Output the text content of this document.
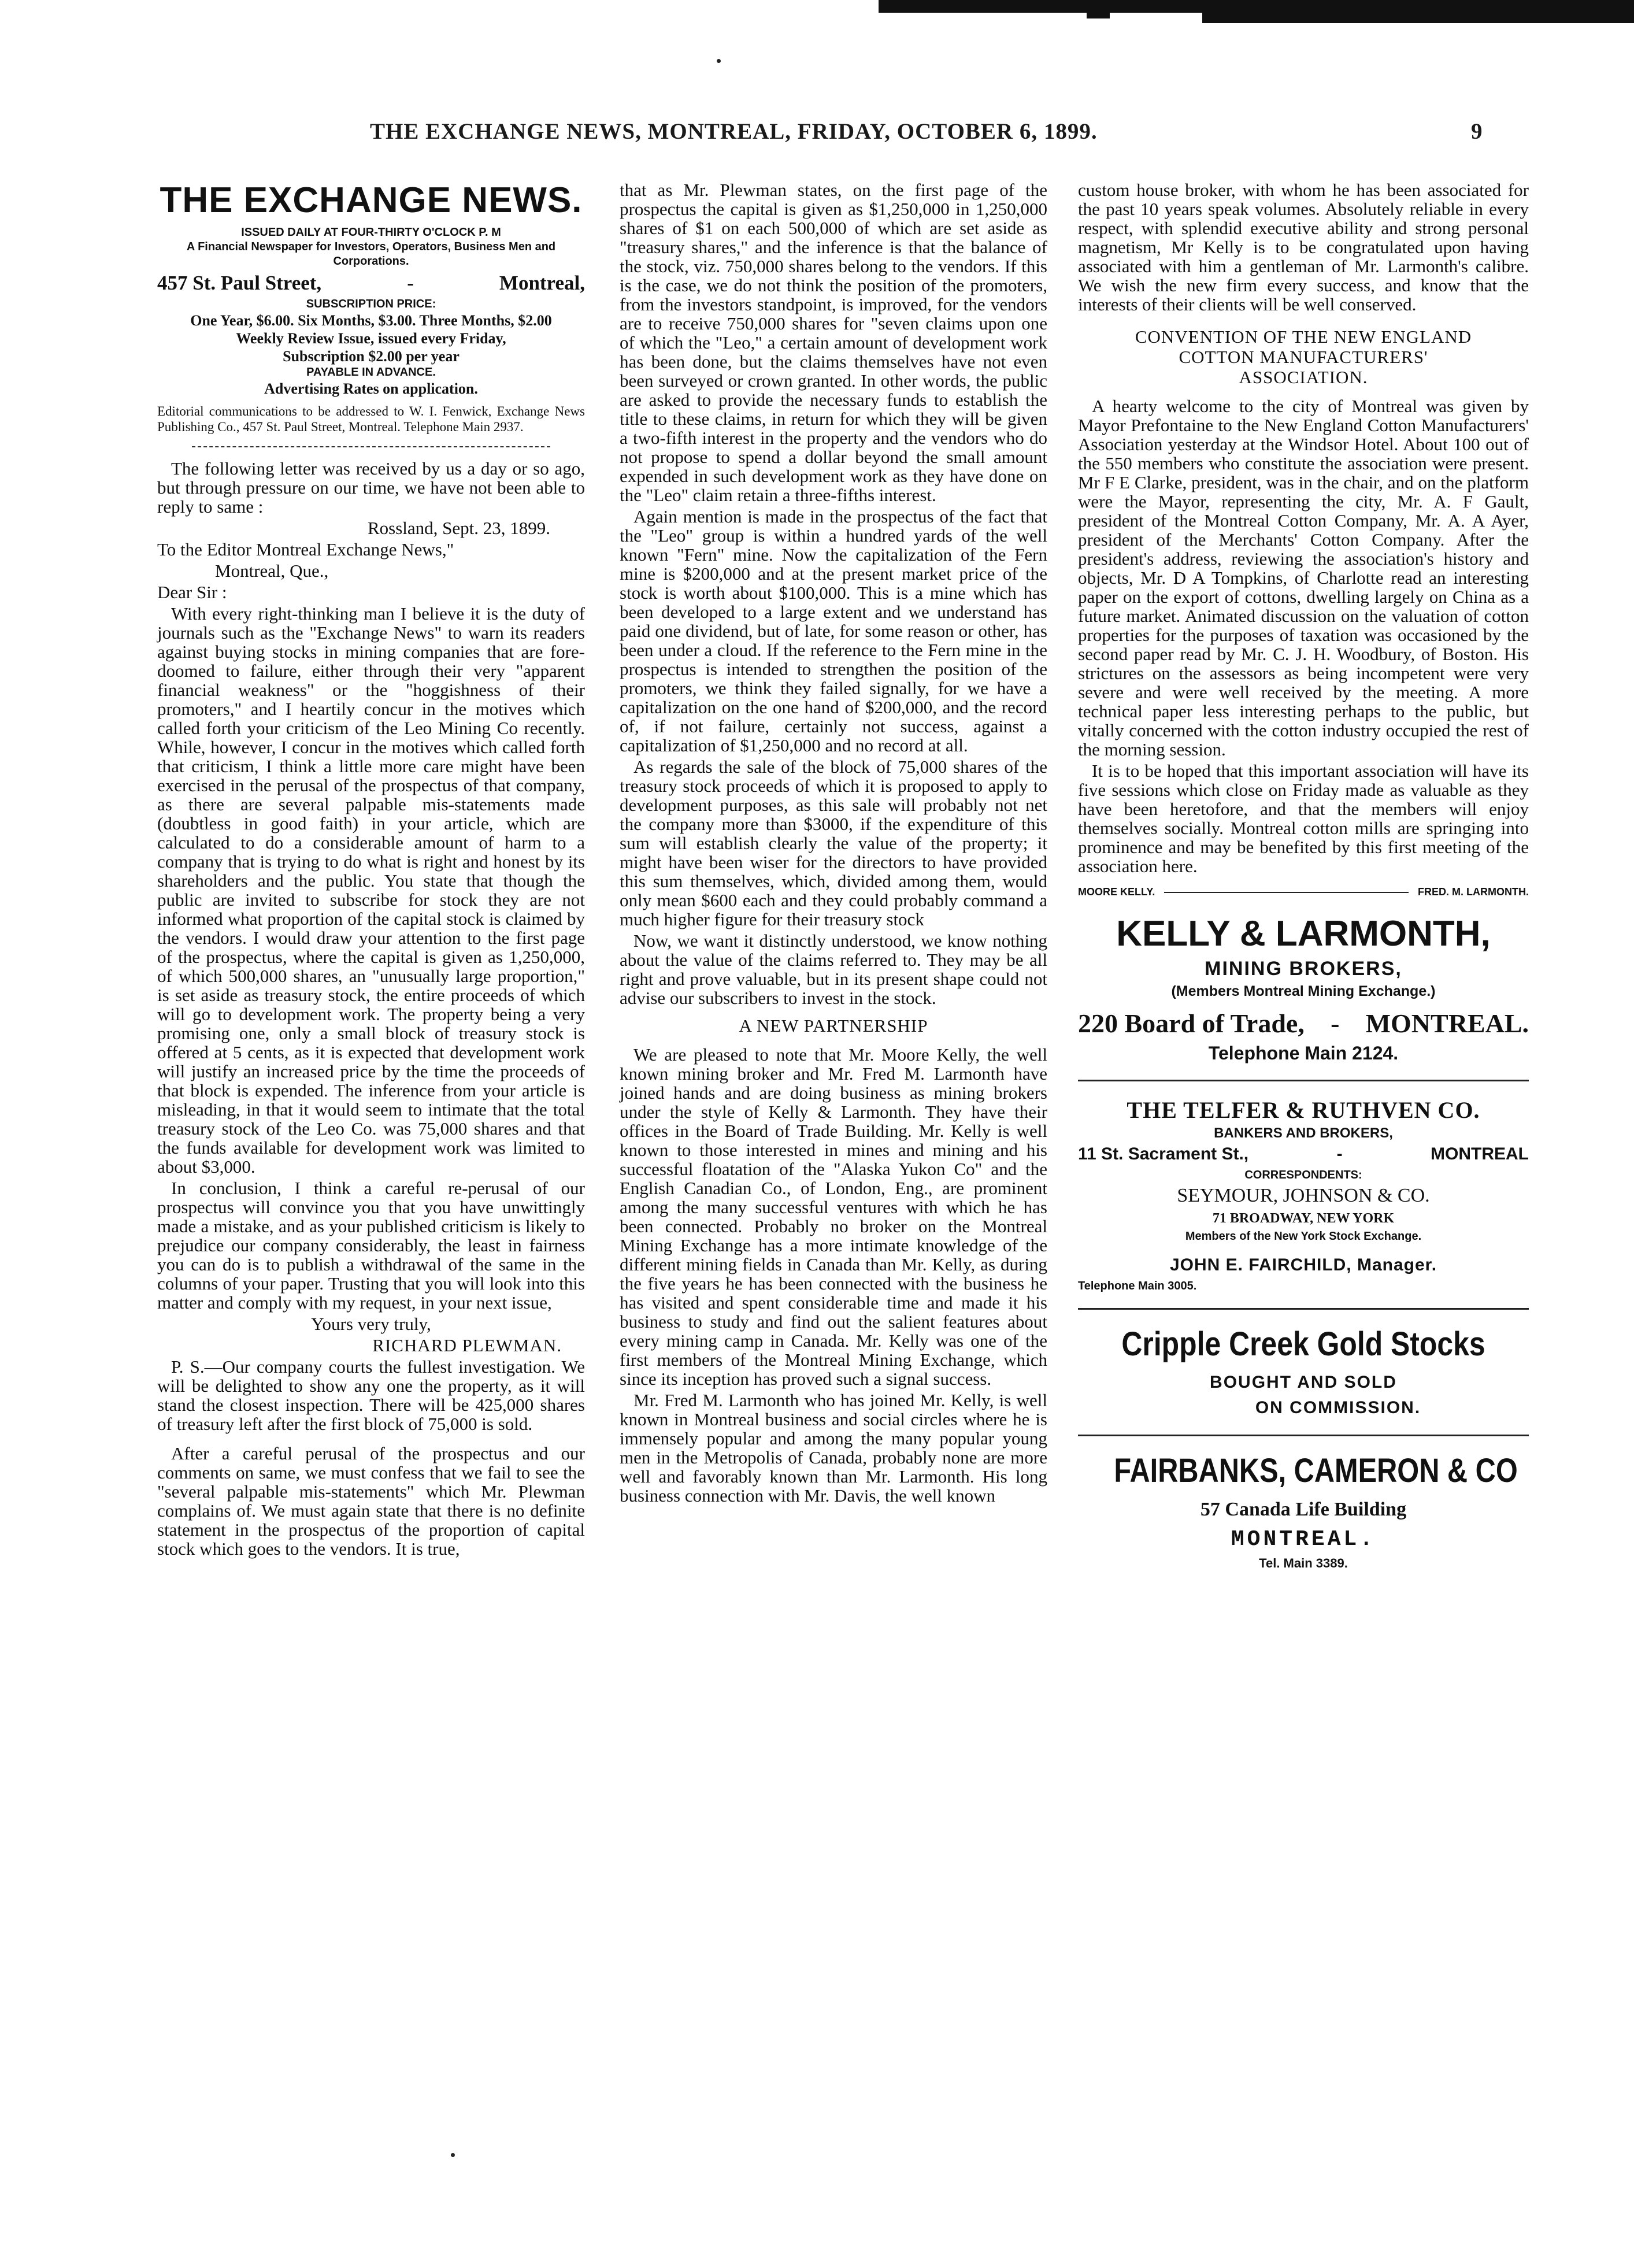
THE EXCHANGE NEWS, MONTREAL, FRIDAY, OCTOBER 6, 1899.	9
THE EXCHANGE NEWS.
ISSUED DAILY AT FOUR-THIRTY O'CLOCK P. M
A Financial Newspaper for Investors, Operators, Business Men and Corporations.
457 St. Paul Street,	-	Montreal,
SUBSCRIPTION PRICE:
One Year, $6.00. Six Months, $3.00. Three Months, $2.00
Weekly Review Issue, issued every Friday,
Subscription $2.00 per year
PAYABLE IN ADVANCE.
Advertising Rates on application.
Editorial communications to be addressed to W. I. Fenwick, Exchange News Publishing Co., 457 St. Paul Street, Montreal. Telephone Main 2937.

The following letter was received by us a day or so ago, but through pressure on our time, we have not been able to reply to same :

Rossland, Sept. 23, 1899.

To the Editor Montreal Exchange News,"

Montreal, Que.,

Dear Sir :

With every right-thinking man I believe it is the duty of journals such as the "Exchange News" to warn its readers against buying stocks in mining companies that are fore-doomed to failure, either through their very "apparent financial weakness" or the "hoggishness of their promoters," and I heartily concur in the motives which called forth your criticism of the Leo Mining Co recently. While, however, I concur in the motives which called forth that criticism, I think a little more care might have been exercised in the perusal of the prospectus of that company, as there are several palpable mis-statements made (doubtless in good faith) in your article, which are calculated to do a considerable amount of harm to a company that is trying to do what is right and honest by its shareholders and the public. You state that though the public are invited to subscribe for stock they are not informed what proportion of the capital stock is claimed by the vendors. I would draw your attention to the first page of the prospectus, where the capital is given as 1,250,000, of which 500,000 shares, an "unusually large proportion," is set aside as treasury stock, the entire proceeds of which will go to development work. The property being a very promising one, only a small block of treasury stock is offered at 5 cents, as it is expected that development work will justify an increased price by the time the proceeds of that block is expended. The inference from your article is misleading, in that it would seem to intimate that the total treasury stock of the Leo Co. was 75,000 shares and that the funds available for development work was limited to about $3,000.

In conclusion, I think a careful re-perusal of our prospectus will convince you that you have unwittingly made a mistake, and as your published criticism is likely to prejudice our company considerably, the least in fairness you can do is to publish a withdrawal of the same in the columns of your paper. Trusting that you will look into this matter and comply with my request, in your next issue,

Yours very truly,

RICHARD PLEWMAN.

P. S.—Our company courts the fullest investigation. We will be delighted to show any one the property, as it will stand the closest inspection. There will be 425,000 shares of treasury left after the first block of 75,000 is sold.

After a careful perusal of the prospectus and our comments on same, we must confess that we fail to see the "several palpable mis-statements" which Mr. Plewman complains of. We must again state that there is no definite statement in the prospectus of the proportion of capital stock which goes to the vendors. It is true,

that as Mr. Plewman states, on the first page of the prospectus the capital is given as $1,250,000 in 1,250,000 shares of $1 on each 500,000 of which are set aside as "treasury shares," and the inference is that the balance of the stock, viz. 750,000 shares belong to the vendors. If this is the case, we do not think the position of the promoters, from the investors standpoint, is improved, for the vendors are to receive 750,000 shares for "seven claims upon one of which the "Leo," a certain amount of development work has been done, but the claims themselves have not even been surveyed or crown granted. In other words, the public are asked to provide the necessary funds to establish the title to these claims, in return for which they will be given a two-fifth interest in the property and the vendors who do not propose to spend a dollar beyond the small amount expended in such development work as they have done on the "Leo" claim retain a three-fifths interest.

Again mention is made in the prospectus of the fact that the "Leo" group is within a hundred yards of the well known "Fern" mine. Now the capitalization of the Fern mine is $200,000 and at the present market price of the stock is worth about $100,000. This is a mine which has been developed to a large extent and we understand has paid one dividend, but of late, for some reason or other, has been under a cloud. If the reference to the Fern mine in the prospectus is intended to strengthen the position of the promoters, we think they failed signally, for we have a capitalization on the one hand of $200,000, and the record of, if not failure, certainly not success, against a capitalization of $1,250,000 and no record at all.

As regards the sale of the block of 75,000 shares of the treasury stock proceeds of which it is proposed to apply to development purposes, as this sale will probably not net the company more than $3000, if the expenditure of this sum will establish clearly the value of the property; it might have been wiser for the directors to have provided this sum themselves, which, divided among them, would only mean $600 each and they could probably command a much higher figure for their treasury stock

Now, we want it distinctly understood, we know nothing about the value of the claims referred to. They may be all right and prove valuable, but in its present shape could not advise our subscribers to invest in the stock.

A NEW PARTNERSHIP

We are pleased to note that Mr. Moore Kelly, the well known mining broker and Mr. Fred M. Larmonth have joined hands and are doing business as mining brokers under the style of Kelly & Larmonth. They have their offices in the Board of Trade Building. Mr. Kelly is well known to those interested in mines and mining and his successful floatation of the "Alaska Yukon Co" and the English Canadian Co., of London, Eng., are prominent among the many successful ventures with which he has been connected. Probably no broker on the Montreal Mining Exchange has a more intimate knowledge of the different mining fields in Canada than Mr. Kelly, as during the five years he has been connected with the business he has visited and spent considerable time and made it his business to study and find out the salient features about every mining camp in Canada. Mr. Kelly was one of the first members of the Montreal Mining Exchange, which since its inception has proved such a signal success.

Mr. Fred M. Larmonth who has joined Mr. Kelly, is well known in Montreal business and social circles where he is immensely popular and among the many popular young men in the Metropolis of Canada, probably none are more well and favorably known than Mr. Larmonth. His long business connection with Mr. Davis, the well known

custom house broker, with whom he has been associated for the past 10 years speak volumes. Absolutely reliable in every respect, with splendid executive ability and strong personal magnetism, Mr Kelly is to be congratulated upon having associated with him a gentleman of Mr. Larmonth's calibre. We wish the new firm every success, and know that the interests of their clients will be well conserved.

CONVENTION OF THE NEW ENGLAND
COTTON MANUFACTURERS'
ASSOCIATION.

A hearty welcome to the city of Montreal was given by Mayor Prefontaine to the New England Cotton Manufacturers' Association yesterday at the Windsor Hotel. About 100 out of the 550 members who constitute the association were present. Mr F E Clarke, president, was in the chair, and on the platform were the Mayor, representing the city, Mr. A. F Gault, president of the Montreal Cotton Company, Mr. A. A Ayer, president of the Merchants' Cotton Company. After the president's address, reviewing the association's history and objects, Mr. D A Tompkins, of Charlotte read an interesting paper on the export of cottons, dwelling largely on China as a future market. Animated discussion on the valuation of cotton properties for the purposes of taxation was occasioned by the second paper read by Mr. C. J. H. Woodbury, of Boston. His strictures on the assessors as being incompetent were very severe and were well received by the meeting. A more technical paper less interesting perhaps to the public, but vitally concerned with the cotton industry occupied the rest of the morning session.

It is to be hoped that this important association will have its five sessions which close on Friday made as valuable as they have been heretofore, and that the members will enjoy themselves socially. Montreal cotton mills are springing into prominence and may be benefited by this first meeting of the association here.

MOORE KELLY.	FRED. M. LARMONTH.
KELLY & LARMONTH,
MINING BROKERS,
(Members Montreal Mining Exchange.)
220 Board of Trade, - MONTREAL.
Telephone Main 2124.
THE TELFER & RUTHVEN CO.
BANKERS AND BROKERS,
11 St. Sacrament St.,	-	MONTREAL
CORRESPONDENTS:
SEYMOUR, JOHNSON & CO.
71 BROADWAY, NEW YORK
Members of the New York Stock Exchange.
JOHN E. FAIRCHILD, Manager.
Telephone Main 3005.
Cripple Creek Gold Stocks
BOUGHT AND SOLD
ON COMMISSION.
FAIRBANKS, CAMERON & CO
57 Canada Life Building
MONTREAL.
Tel. Main 3389.
